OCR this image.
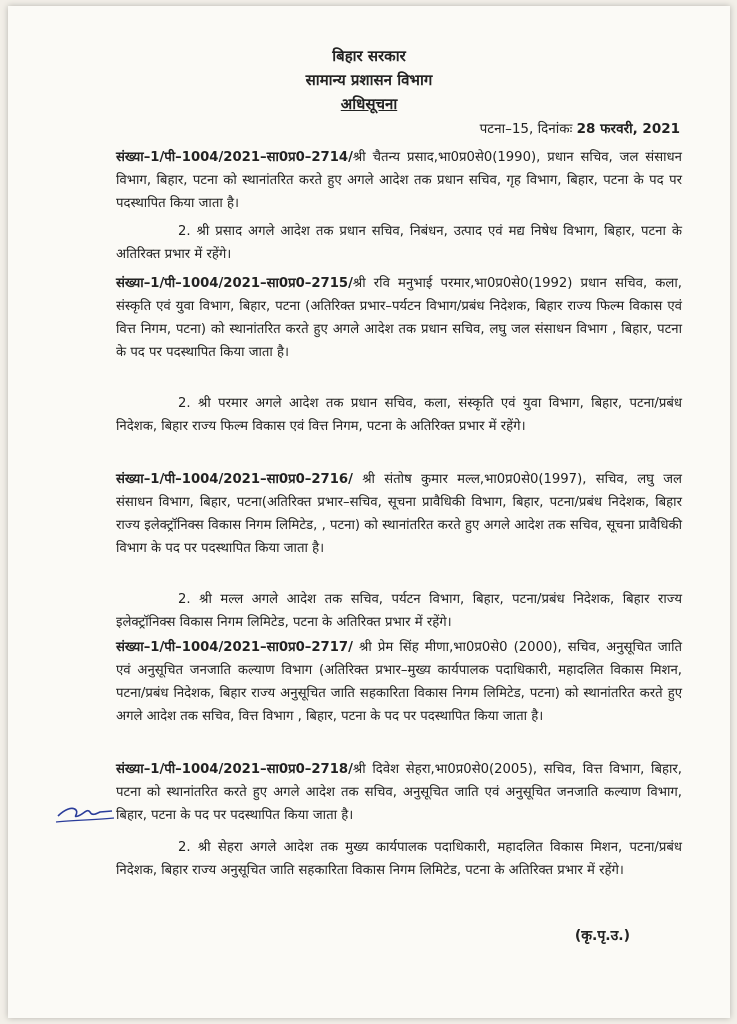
बिहार सरकार
सामान्य प्रशासन विभाग
अधिसूचना
पटना–15, दिनांकः 28 फरवरी, 2021
संख्या–1/पी–1004/2021–सा0प्र0–2714/श्री चैतन्य प्रसाद,भा0प्र0से0(1990), प्रधान सचिव, जल संसाधन विभाग, बिहार, पटना को स्थानांतरित करते हुए अगले आदेश तक प्रधान सचिव, गृह विभाग, बिहार, पटना के पद पर पदस्थापित किया जाता है।
2. श्री प्रसाद अगले आदेश तक प्रधान सचिव, निबंधन, उत्पाद एवं मद्य निषेध विभाग, बिहार, पटना के अतिरिक्त प्रभार में रहेंगे।
संख्या–1/पी–1004/2021–सा0प्र0–2715/श्री रवि मनुभाई परमार,भा0प्र0से0(1992) प्रधान सचिव, कला, संस्कृति एवं युवा विभाग, बिहार, पटना (अतिरिक्त प्रभार–पर्यटन विभाग/प्रबंध निदेशक, बिहार राज्य फिल्म विकास एवं वित्त निगम, पटना) को स्थानांतरित करते हुए अगले आदेश तक प्रधान सचिव, लघु जल संसाधन विभाग , बिहार, पटना के पद पर पदस्थापित किया जाता है।
2. श्री परमार अगले आदेश तक प्रधान सचिव, कला, संस्कृति एवं युवा विभाग, बिहार, पटना/प्रबंध निदेशक, बिहार राज्य फिल्म विकास एवं वित्त निगम, पटना के अतिरिक्त प्रभार में रहेंगे।
संख्या–1/पी–1004/2021–सा0प्र0–2716/ श्री संतोष कुमार मल्ल,भा0प्र0से0(1997), सचिव, लघु जल संसाधन विभाग, बिहार, पटना(अतिरिक्त प्रभार–सचिव, सूचना प्रावैधिकी विभाग, बिहार, पटना/प्रबंध निदेशक, बिहार राज्य इलेक्ट्रॉनिक्स विकास निगम लिमिटेड, , पटना) को स्थानांतरित करते हुए अगले आदेश तक सचिव, सूचना प्रावैधिकी विभाग के पद पर पदस्थापित किया जाता है।
2. श्री मल्ल अगले आदेश तक सचिव, पर्यटन विभाग, बिहार, पटना/प्रबंध निदेशक, बिहार राज्य इलेक्ट्रॉनिक्स विकास निगम लिमिटेड, पटना के अतिरिक्त प्रभार में रहेंगे।
संख्या–1/पी–1004/2021–सा0प्र0–2717/ श्री प्रेम सिंह मीणा,भा0प्र0से0 (2000), सचिव, अनुसूचित जाति एवं अनुसूचित जनजाति कल्याण विभाग (अतिरिक्त प्रभार–मुख्य कार्यपालक पदाधिकारी, महादलित विकास मिशन, पटना/प्रबंध निदेशक, बिहार राज्य अनुसूचित जाति सहकारिता विकास निगम लिमिटेड, पटना) को स्थानांतरित करते हुए अगले आदेश तक सचिव, वित्त विभाग , बिहार, पटना के पद पर पदस्थापित किया जाता है।
संख्या–1/पी–1004/2021–सा0प्र0–2718/श्री दिवेश सेहरा,भा0प्र0से0(2005), सचिव, वित्त विभाग, बिहार, पटना को स्थानांतरित करते हुए अगले आदेश तक सचिव, अनुसूचित जाति एवं अनुसूचित जनजाति कल्याण विभाग, बिहार, पटना के पद पर पदस्थापित किया जाता है।
2. श्री सेहरा अगले आदेश तक मुख्य कार्यपालक पदाधिकारी, महादलित विकास मिशन, पटना/प्रबंध निदेशक, बिहार राज्य अनुसूचित जाति सहकारिता विकास निगम लिमिटेड, पटना के अतिरिक्त प्रभार में रहेंगे।
(कृ.पृ.उ.)
